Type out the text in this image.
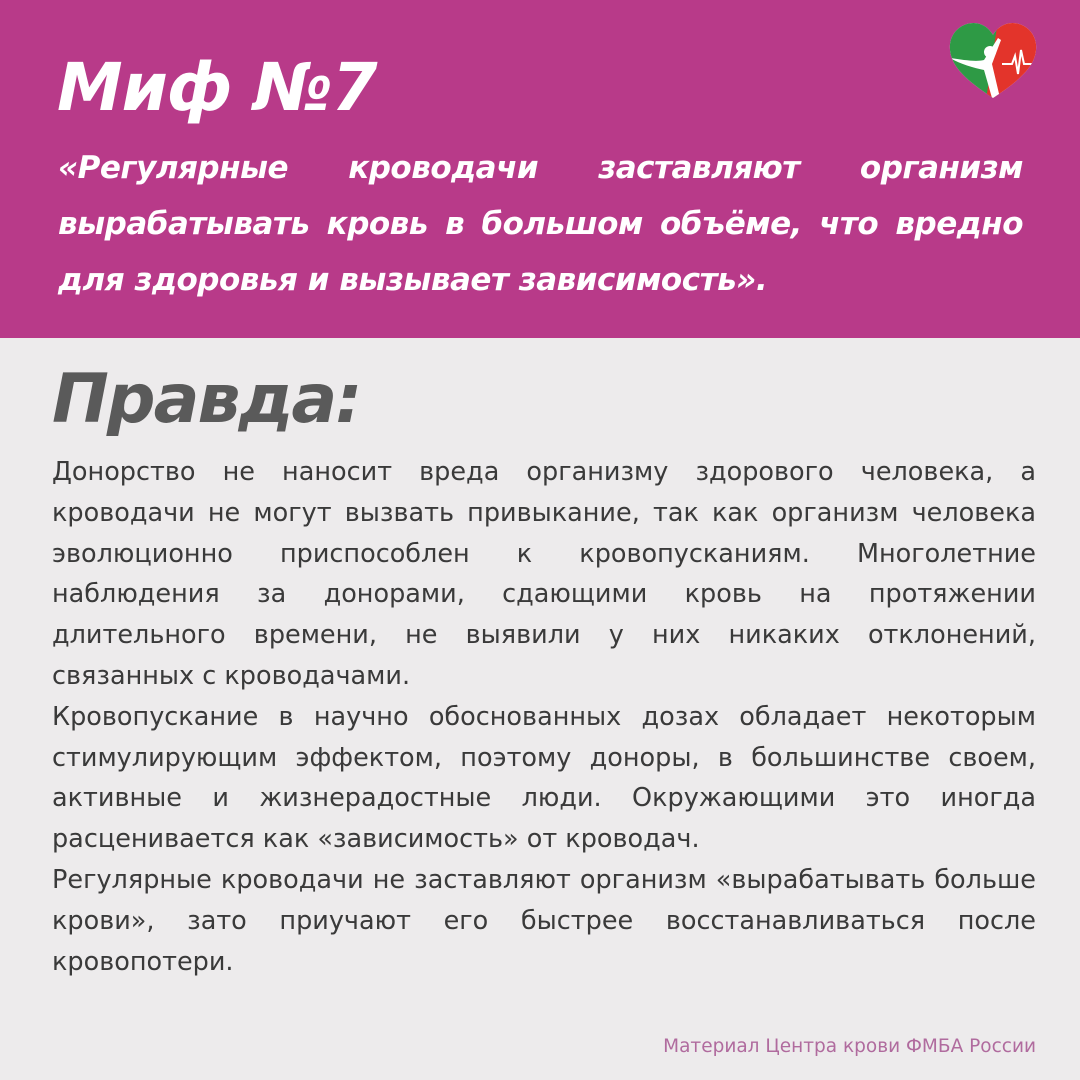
Миф №7
«Регулярные кроводачи заставляют организм вырабатывать кровь в большом объёме, что вредно для здоровья и вызывает зависимость».
Правда:

Донорство не наносит вреда организму здорового человека, а кроводачи не могут вызвать привыкание, так как организм человека эволюционно приспособлен к кровопусканиям. Многолетние наблюдения за донорами, сдающими кровь на протяжении длительного времени, не выявили у них никаких отклонений, связанных с кроводачами.

Кровопускание в научно обоснованных дозах обладает некоторым стимулирующим эффектом, поэтому доноры, в большинстве своем, активные и жизнерадостные люди. Окружающими это иногда расценивается как «зависимость» от кроводач.

Регулярные кроводачи не заставляют организм «вырабатывать больше крови», зато приучают его быстрее восстанавливаться после кровопотери.

Материал Центра крови ФМБА России
